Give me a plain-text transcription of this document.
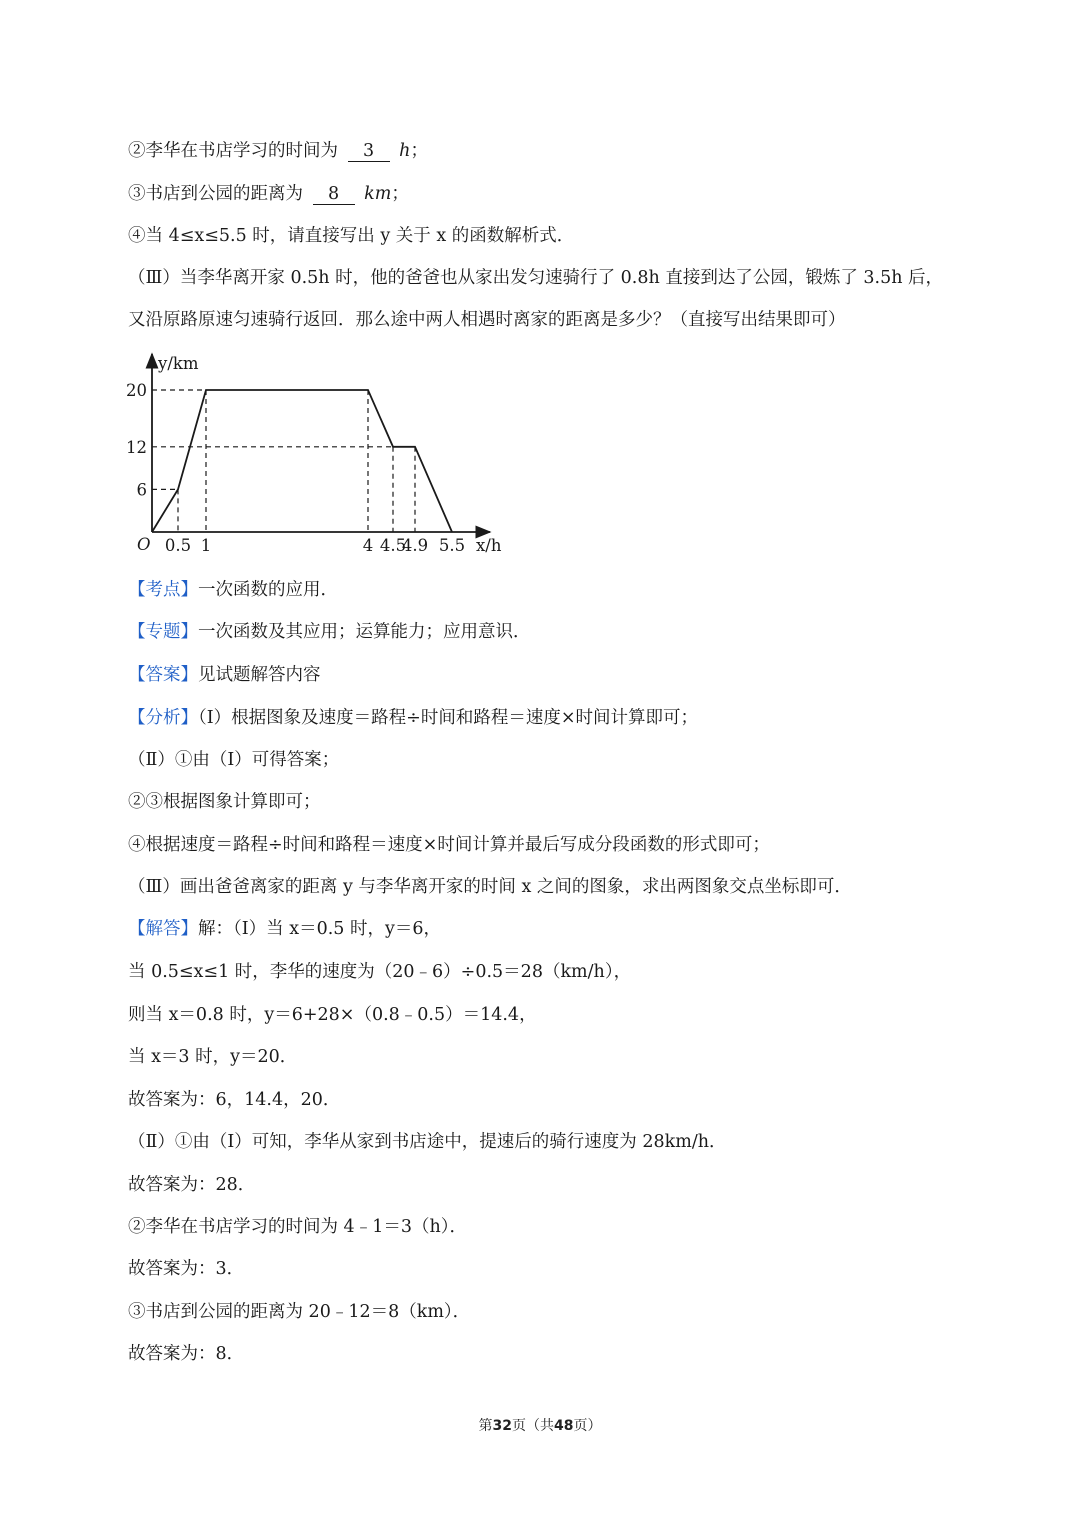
②李华在书店学习的时间为 3 h；
③书店到公园的距离为 8 km；
④当 4≤x≤5.5 时，请直接写出 y 关于 x 的函数解析式．
（Ⅲ）当李华离开家 0.5h 时，他的爸爸也从家出发匀速骑行了 0.8h 直接到达了公园，锻炼了 3.5h 后，
又沿原路原速匀速骑行返回．那么途中两人相遇时离家的距离是多少？（直接写出结果即可）
0.5 1	4 4.5
4.9 5.5
6
12
20
y/km
x/h
O
【考点】一次函数的应用．
【专题】一次函数及其应用；运算能力；应用意识．
【答案】见试题解答内容
【分析】（Ⅰ）根据图象及速度＝路程÷时间和路程＝速度×时间计算即可；
（Ⅱ）①由（Ⅰ）可得答案；
②③根据图象计算即可；
④根据速度＝路程÷时间和路程＝速度×时间计算并最后写成分段函数的形式即可；
（Ⅲ）画出爸爸离家的距离 y 与李华离开家的时间 x 之间的图象，求出两图象交点坐标即可．
【解答】解：（Ⅰ）当 x＝0.5 时，y＝6，
当 0.5≤x≤1 时，李华的速度为（20﹣6）÷0.5＝28（km/h），
则当 x＝0.8 时，y＝6+28×（0.8﹣0.5）＝14.4，
当 x＝3 时，y＝20．
故答案为：6，14.4，20．
（Ⅱ）①由（Ⅰ）可知，李华从家到书店途中，提速后的骑行速度为 28km/h．
故答案为：28．
②李华在书店学习的时间为 4﹣1＝3（h）．
故答案为：3．
③书店到公园的距离为 20﹣12＝8（km）．
故答案为：8．
第32页（共48页）
